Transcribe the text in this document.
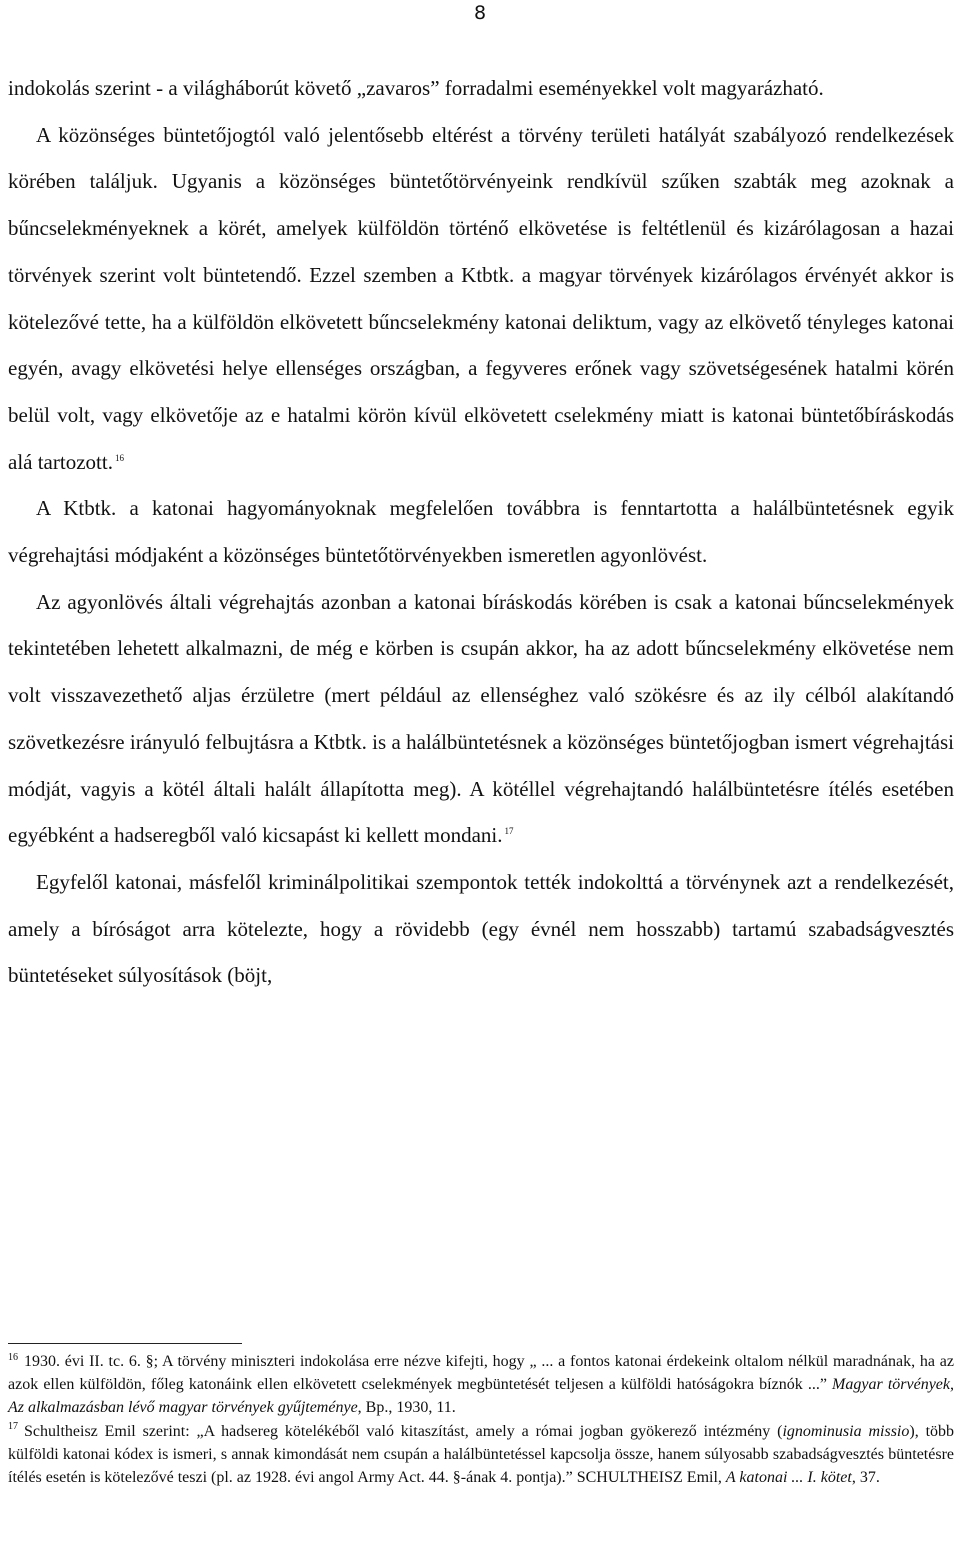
8

indokolás szerint - a világháborút követő „zavaros” forradalmi eseményekkel volt magyarázható.

A közönséges büntetőjogtól való jelentősebb eltérést a törvény területi hatályát szabályozó rendelkezések körében találjuk. Ugyanis a közönséges büntetőtörvényeink rendkívül szűken szabták meg azoknak a bűncselekményeknek a körét, amelyek külföldön történő elkövetése is feltétlenül és kizárólagosan a hazai törvények szerint volt büntetendő. Ezzel szemben a Ktbtk. a magyar törvények kizárólagos érvényét akkor is kötelezővé tette, ha a külföldön elkövetett bűncselekmény katonai deliktum, vagy az elkövető tényleges katonai egyén, avagy elkövetési helye ellenséges országban, a fegyveres erőnek vagy szövetségesének hatalmi körén belül volt, vagy elkövetője az e hatalmi körön kívül elkövetett cselekmény miatt is katonai büntetőbíráskodás alá tartozott. $^{16}$

A Ktbtk. a katonai hagyományoknak megfelelően továbbra is fenntartotta a halálbüntetésnek egyik végrehajtási módjaként a közönséges büntetőtörvényekben ismeretlen agyonlövést.

Az agyonlövés általi végrehajtás azonban a katonai bíráskodás körében is csak a katonai bűncselekmények tekintetében lehetett alkalmazni, de még e körben is csupán akkor, ha az adott bűncselekmény elkövetése nem volt visszavezethető aljas érzületre (mert például az ellenséghez való szökésre és az ily célból alakítandó szövetkezésre irányuló felbujtásra a Ktbtk. is a halálbüntetésnek a közönséges büntetőjogban ismert végrehajtási módját, vagyis a kötél általi halált állapította meg). A kötéllel végrehajtandó halálbüntetésre ítélés esetében egyébként a hadseregből való kicsapást ki kellett mondani. $^{17}$

Egyfelől katonai, másfelől kriminálpolitikai szempontok tették indokolttá a törvénynek azt a rendelkezését, amely a bíróságot arra kötelezte, hogy a rövidebb (egy évnél nem hosszabb) tartamú szabadságvesztés büntetéseket súlyosítások (böjt,

$^{16}$ 1930. évi II. tc. 6. §; A törvény miniszteri indokolása erre nézve kifejti, hogy „ ... a fontos katonai érdekeink oltalom nélkül maradnának, ha az azok ellen külföldön, főleg katonáink ellen elkövetett cselekmények megbüntetését teljesen a külföldi hatóságokra bíznók ...” Magyar törvények, Az alkalmazásban lévő magyar törvények gyűjteménye, Bp., 1930, 11.

$^{17}$ Schultheisz Emil szerint: „A hadsereg kötelékéből való kitaszítást, amely a római jogban gyökerező intézmény (ignominusia missio), több külföldi katonai kódex is ismeri, s annak kimondását nem csupán a halálbüntetéssel kapcsolja össze, hanem súlyosabb szabadságvesztés büntetésre ítélés esetén is kötelezővé teszi (pl. az 1928. évi angol Army Act. 44. §-ának 4. pontja).” SCHULTHEISZ Emil, A katonai ... I. kötet, 37.
